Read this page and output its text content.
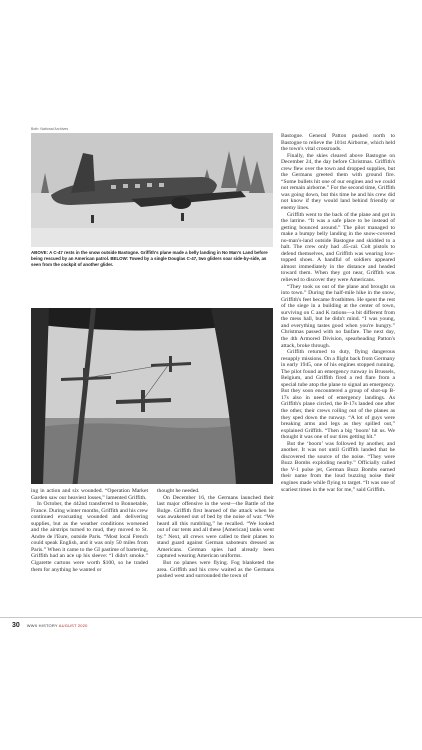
Both: National Archives
ABOVE: A C-47 rests in the snow outside Bastogne. Griffith's plane made a belly landing in No Man's Land before being rescued by an American patrol. BELOW: Towed by a single Douglas C-47, two gliders soar side-by-side, as seen from the cockpit of another glider.

ing in action and six wounded. “Operation Market Garden saw our heaviest losses,” lamented Griffith.

In October, the 442nd transferred to Bonnetable, France. During winter months, Griffith and his crew continued evacuating wounded and delivering supplies, but as the weather conditions worsened and the airstrips turned to mud, they moved to St. Andre de l'Eure, outside Paris. “Most local French could speak English, and it was only 50 miles from Paris.” When it came to the GI pastime of bartering, Griffith had an ace up his sleeve: “I didn't smoke.” Cigarette cartons were worth $100, so he traded them for anything he wanted or

thought he needed.

On December 16, the Germans launched their last major offensive in the west—the Battle of the Bulge. Griffith first learned of the attack when he was awakened out of bed by the noise of war. “We heard all this rumbling,” he recalled. “We looked out of our tents and all these [American] tanks went by.” Next, all crews were called to their planes to stand guard against German saboteurs dressed as Americans. German spies had already been captured wearing American uniforms.

But no planes were flying. Fog blanketed the area. Griffith and his crew waited as the Germans pushed west and surrounded the town of

Bastogne. General Patton pushed north to Bastogne to relieve the 101st Airborne, which held the town's vital crossroads.

Finally, the skies cleared above Bastogne on December 24, the day before Christmas. Griffith's crew flew over the town and dropped supplies, but the Germans greeted them with ground fire. “Some bullets hit one of our engines and we could not remain airborne.” For the second time, Griffith was going down, but this time he and his crew did not know if they would land behind friendly or enemy lines.

Griffith went to the back of the plane and got in the latrine. “It was a safe place to be instead of getting bounced around.” The pilot managed to make a bumpy belly landing in the snow-covered no-man's-land outside Bastogne and skidded to a halt. The crew only had .45-cal. Colt pistols to defend themselves, and Griffith was wearing low-topped shoes. A handful of soldiers appeared almost immediately in the distance and headed toward them. When they got near, Griffith was relieved to discover they were Americans.

“They took us out of the plane and brought us into town.” During the half-mile hike in the snow, Griffith's feet became frostbitten. He spent the rest of the siege in a building at the center of town, surviving on C and K rations—a bit different from the mess hall, but he didn't mind. “I was young, and everything tastes good when you're hungry.” Christmas passed with no fanfare. The next day, the 4th Armored Division, spearheading Patton's attack, broke through.

Griffith returned to duty, flying dangerous resupply missions. On a flight back from Germany in early 1945, one of his engines stopped running. The pilot found an emergency runway in Brussels, Belgium, and Griffith fired a red flare from a special tube atop the plane to signal an emergency. But they soon encountered a group of shot-up B-17s also in need of emergency landings. As Griffith's plane circled, the B-17s landed one after the other, their crews rolling out of the planes as they sped down the runway. “A lot of guys were breaking arms and legs as they spilled out,” explained Griffith. “Then a big ‘boom’ hit us. We thought it was one of our tires getting hit.”

But the ‘boom’ was followed by another, and another. It was not until Griffith landed that he discovered the source of the noise. “They were Buzz Bombs exploding nearby.” Officially called the V-1 pulse jet, German Buzz Bombs earned their name from the loud buzzing noise their engines made while flying to target. “It was one of scariest times in the war for me,” said Griffith.

30 WWII HISTORY AUGUST 2020
